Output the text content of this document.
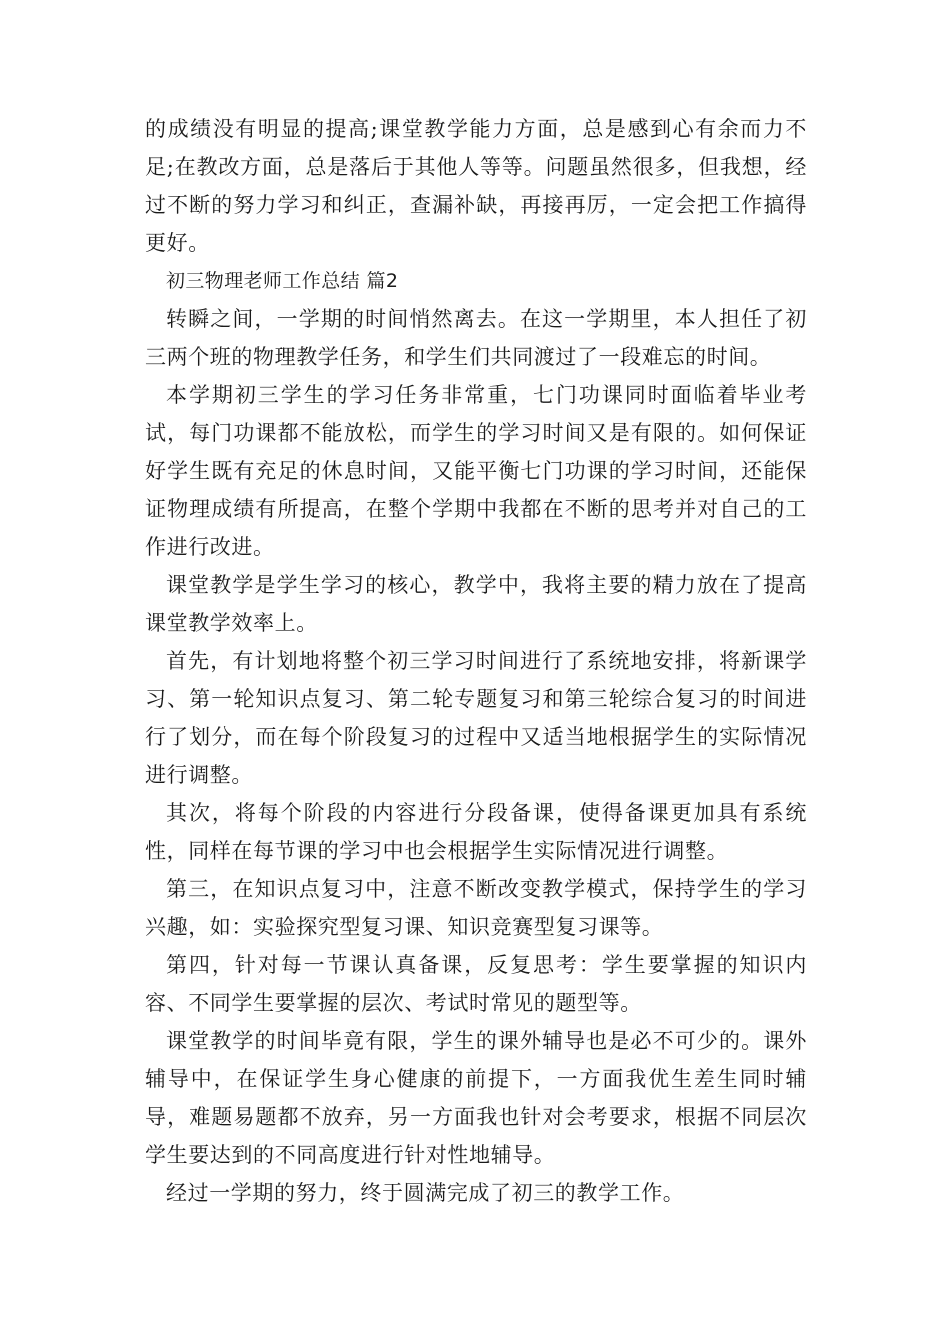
的成绩没有明显的提高;课堂教学能力方面，总是感到心有余而力不足;在教改方面，总是落后于其他人等等。问题虽然很多，但我想，经过不断的努力学习和纠正，查漏补缺，再接再厉，一定会把工作搞得更好。

初三物理老师工作总结 篇2

转瞬之间，一学期的时间悄然离去。在这一学期里，本人担任了初三两个班的物理教学任务，和学生们共同渡过了一段难忘的时间。

本学期初三学生的学习任务非常重，七门功课同时面临着毕业考试，每门功课都不能放松，而学生的学习时间又是有限的。如何保证好学生既有充足的休息时间，又能平衡七门功课的学习时间，还能保证物理成绩有所提高，在整个学期中我都在不断的思考并对自己的工作进行改进。

课堂教学是学生学习的核心，教学中，我将主要的精力放在了提高课堂教学效率上。

首先，有计划地将整个初三学习时间进行了系统地安排，将新课学习、第一轮知识点复习、第二轮专题复习和第三轮综合复习的时间进行了划分，而在每个阶段复习的过程中又适当地根据学生的实际情况进行调整。

其次，将每个阶段的内容进行分段备课，使得备课更加具有系统性，同样在每节课的学习中也会根据学生实际情况进行调整。

第三，在知识点复习中，注意不断改变教学模式，保持学生的学习兴趣，如：实验探究型复习课、知识竞赛型复习课等。

第四，针对每一节课认真备课，反复思考：学生要掌握的知识内容、不同学生要掌握的层次、考试时常见的题型等。

课堂教学的时间毕竟有限，学生的课外辅导也是必不可少的。课外辅导中，在保证学生身心健康的前提下，一方面我优生差生同时辅导，难题易题都不放弃，另一方面我也针对会考要求，根据不同层次学生要达到的不同高度进行针对性地辅导。

经过一学期的努力，终于圆满完成了初三的教学工作。
